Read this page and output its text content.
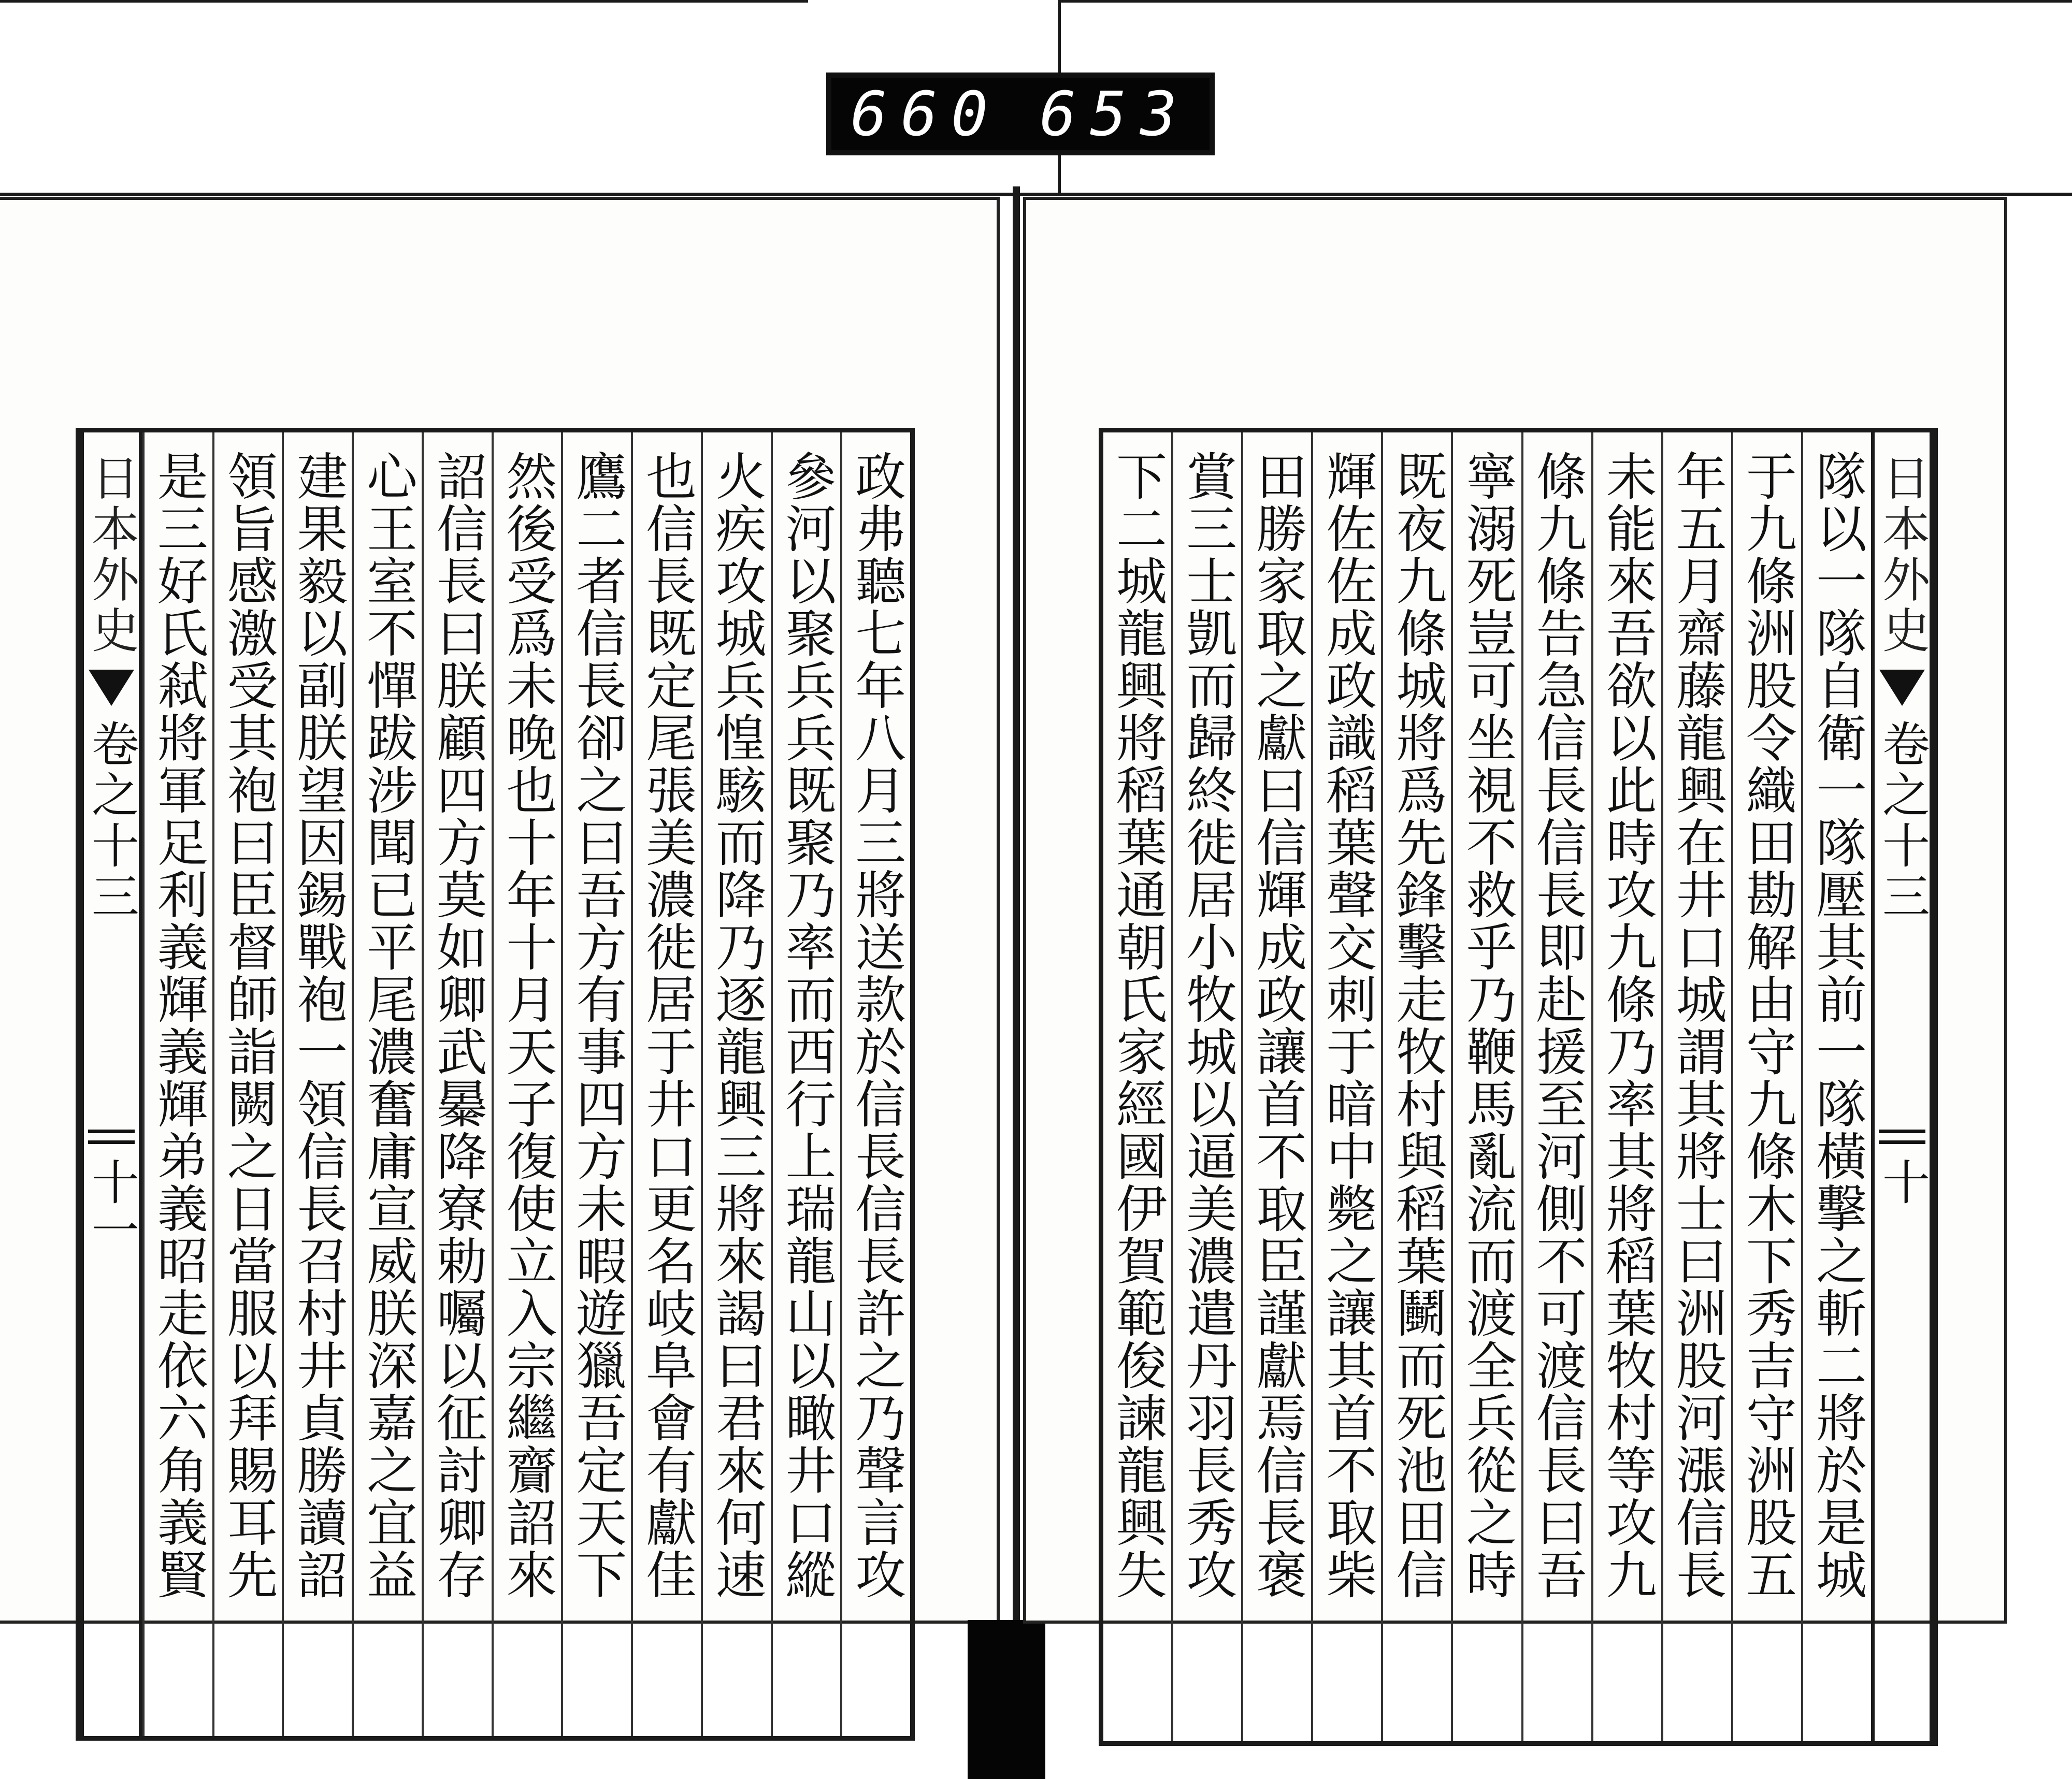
660 653
政弗聽七年八月三將送款於信長信長許之乃聲言攻
參河以聚兵兵既聚乃率而西行上瑞龍山以瞰井口縱
火疾攻城兵惶駭而降乃逐龍興三將來謁曰君來何速
也信長既定尾張美濃徙居于井口更名岐阜會有獻佳
鷹二者信長卻之曰吾方有事四方未暇遊獵吾定天下
然後受爲未晚也十年十月天子復使立入宗繼齎詔來
詔信長曰朕顧四方莫如卿武㬥降寮勅囑以征討卿存
心王室不憚跋涉聞已平尾濃奮庸宣威朕深嘉之宜益
建果毅以副朕望因錫戰袍一領信長召村井貞勝讀詔
領旨感激受其袍曰臣督師詣闕之日當服以拜賜耳先
是三好氏弒將軍足利義輝義輝弟義昭走依六角義賢
日本外史
卷之十三
十一
日本外史
卷之十三
十
隊以一隊自衛一隊壓其前一隊橫擊之斬二將於是城
于九條洲股令織田勘解由守九條木下秀吉守洲股五
年五月齋藤龍興在井口城謂其將士曰洲股河漲信長
未能來吾欲以此時攻九條乃率其將稻葉牧村等攻九
條九條告急信長信長即赴援至河側不可渡信長曰吾
寧溺死豈可坐視不救乎乃鞭馬亂流而渡全兵從之時
既夜九條城將爲先鋒擊走牧村與稻葉鬭而死池田信
輝佐佐成政識稻葉聲交刺于暗中斃之讓其首不取柴
田勝家取之獻曰信輝成政讓首不取臣謹獻焉信長褒
賞三士凱而歸終徙居小牧城以逼美濃遣丹羽長秀攻
下二城龍興將稻葉通朝氏家經國伊賀範俊諫龍興失
